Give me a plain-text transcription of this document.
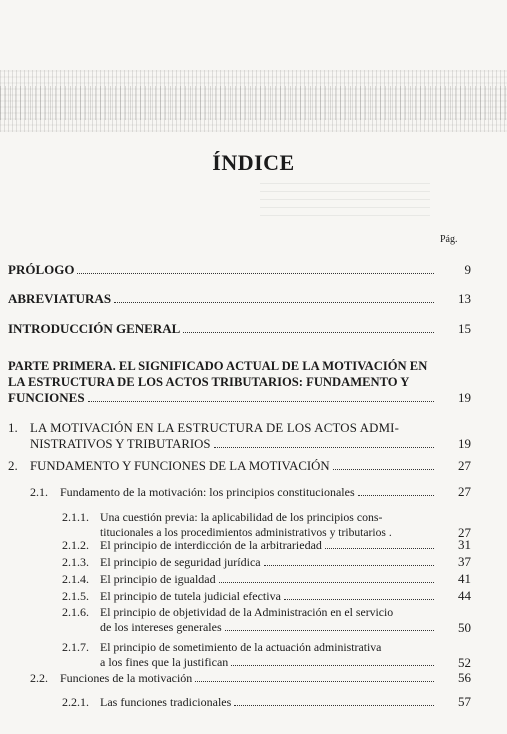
ÍNDICE
Pág.
PRÓLOGO	9
ABREVIATURAS	13
INTRODUCCIÓN GENERAL	15
PARTE PRIMERA. EL SIGNIFICADO ACTUAL DE LA MOTIVACIÓN EN
LA ESTRUCTURA DE LOS ACTOS TRIBUTARIOS: FUNDAMENTO Y
FUNCIONES	19
1. LA MOTIVACIÓN EN LA ESTRUCTURA DE LOS ACTOS ADMI-
NISTRATIVOS Y TRIBUTARIOS	19
2. FUNDAMENTO Y FUNCIONES DE LA MOTIVACIÓN	27
2.1.	Fundamento de la motivación: los principios constitucionales	27
2.1.1. Una cuestión previa: la aplicabilidad de los principios cons-
titucionales a los procedimientos administrativos y tributarios .	27
2.1.2. El principio de interdicción de la arbitrariedad	31
2.1.3. El principio de seguridad jurídica	37
2.1.4. El principio de igualdad	41
2.1.5. El principio de tutela judicial efectiva	44
2.1.6. El principio de objetividad de la Administración en el servicio
de los intereses generales	50
2.1.7. El principio de sometimiento de la actuación administrativa
a los fines que la justifican	52
2.2.	Funciones de la motivación	56
2.2.1. Las funciones tradicionales	57
